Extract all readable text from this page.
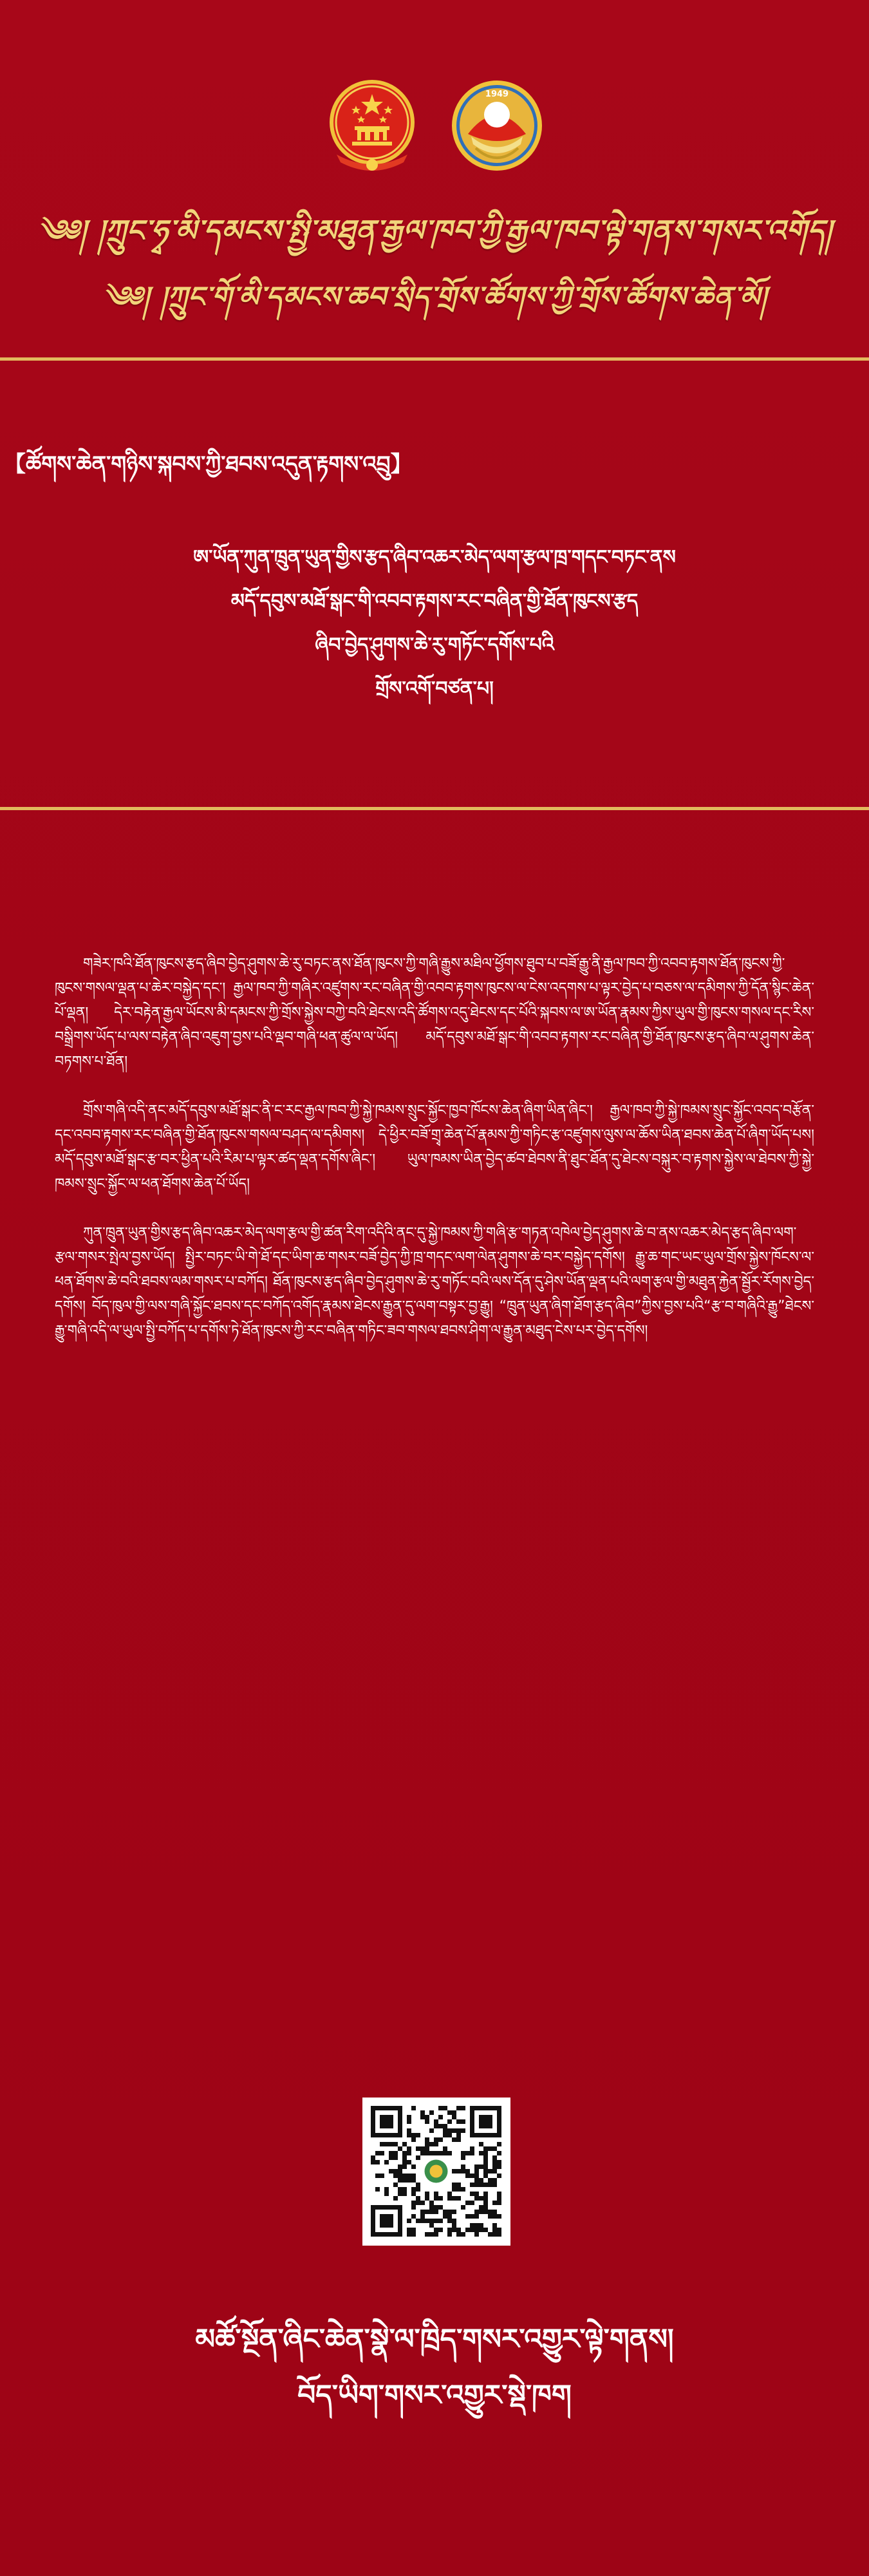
1949
༄༅། །ཀྲུང་ཧྭ་མི་དམངས་སྤྱི་མཐུན་རྒྱལ་ཁབ་ཀྱི་རྒྱལ་ཁབ་ལྟེ་གནས་གསར་འགོད།
༄༅། །ཀྲུང་གོ་མི་དམངས་ཆབ་སྲིད་གྲོས་ཚོགས་ཀྱི་གྲོས་ཚོགས་ཆེན་མོ།
【ཚོགས་ཆེན་གཉིས་སྐབས་ཀྱི་ཐབས་འདུན་རྟགས་འབྲུ】
ཨ་ཡོན་ཀུན་ཁྲུན་ཡུན་གྱིས་རྩད་ཞིབ་འཆར་མེད་ལག་རྩལ་ཁྲ་གདང་བཏང་ནས
མདོ་དབུས་མཐོ་སྒང་གི་འབབ་རྟགས་རང་བཞིན་གྱི་ཐོན་ཁུངས་རྩད
ཞིབ་བྱེད་ཤུགས་ཆེ་རུ་གཏོང་དགོས་པའི
གྲོས་འགོ་བཙན་པ།

གཟེར་ཁའི་ཐོན་ཁུངས་རྩད་ཞིབ་བྱེད་ཤུགས་ཆེ་རུ་བཏང་ནས་ཐོན་ཁུངས་ཀྱི་གཞི་རྒྱུས་མཐིལ་ཕྱོགས་ཐུབ་པ་བཟོ་རྒྱུ་ནི་རྒྱལ་ཁབ་ཀྱི་འབབ་རྟགས་ཐོན་ཁུངས་ཀྱི་ཁུངས་གསལ་ལྡན་པ་ཆེར་བསྐྱེད་དང་། རྒྱལ་ཁབ་ཀྱི་གཞིར་འཛུགས་རང་བཞིན་གྱི་འབབ་རྟགས་ཁུངས་ལ་ངེས་འདགས་པ་ལྟར་བྱེད་པ་བཅས་ལ་དམིགས་ཀྱི་དོན་སྙིང་ཆེན་པོ་ལྡན། དེར་བརྟེན་རྒྱལ་ཡོངས་མི་དམངས་ཀྱི་གྲོས་སྐྱེས་བཀྱེ་བའི་ཐེངས་འདི་ཚོགས་འདུ་ཐེངས་དང་པོའི་སྐབས་ལ་ཨ་ཡོན་རྣམས་ཀྱིས་ཡུལ་གྱི་ཁུངས་གསལ་དང་རིས་བསྒྲིགས་ཡོད་པ་ལས་བརྟེན་ཞིབ་འཇུག་བྱས་པའི་ལྡབ་གཞི་ཕན་ཚུལ་ལ་ཡོད། མདོ་དབུས་མཐོ་སྒང་གི་འབབ་རྟགས་རང་བཞིན་གྱི་ཐོན་ཁུངས་རྩད་ཞིབ་ལ་ཤུགས་ཆེན་བཏགས་པ་ཐོན།

གྲོས་གཞི་འདི་ནང་མདོ་དབུས་མཐོ་སྒང་ནི་ང་རང་རྒྱལ་ཁབ་ཀྱི་སྐྱེ་ཁམས་སྲུང་སྐྱོང་ཁྱབ་ཁོངས་ཆེན་ཞིག་ཡིན་ཞིང་། རྒྱལ་ཁབ་ཀྱི་སྐྱེ་ཁམས་སྲུང་སྐྱོང་འབད་བརྩོན་དང་འབབ་རྟགས་རང་བཞིན་གྱི་ཐོན་ཁུངས་གསལ་བཤད་ལ་དམིགས། དེ་ཕྱིར་བཟོ་གྲྭ་ཆེན་པོ་རྣམས་ཀྱི་གཏིང་རྩ་འཛུགས་ལུས་ལ་ཆོས་ཡིན་ཐབས་ཆེན་པོ་ཞིག་ཡོད་པས། མདོ་དབུས་མཐོ་སྒང་རྩ་བར་ཕྱིན་པའི་རིམ་པ་ལྟར་ཚད་ལྡན་དགོས་ཞིང་། ཡུལ་ཁམས་ཡིན་བྱེད་ཚབ་ཐེབས་ནི་ཐུང་ཐོན་དུ་ཐེངས་བསྐུར་བ་རྟགས་སྐྱེས་ལ་ཐེབས་ཀྱི་སྐྱེ་ཁམས་སྲུང་སྐྱོང་ལ་ཕན་ཐོགས་ཆེན་པོ་ཡོད།

ཀུན་ཁྲུན་ཡུན་གྱིས་རྩད་ཞིབ་འཆར་མེད་ལག་རྩལ་གྱི་ཚན་རིག་འདིའི་ནང་དུ་སྐྱེ་ཁམས་ཀྱི་གཞི་རྩ་གཏན་འཁེལ་བྱེད་ཤུགས་ཆེ་བ་ནས་འཆར་མེད་རྩད་ཞིབ་ལག་རྩལ་གསར་སྤེལ་བྱས་ཡོད། སྤྱིར་བཏང་ཡི་གེ་ཐོ་དང་ཡིག་ཆ་གསར་བཟོ་བྱེད་ཀྱི་ཁྲ་གདང་ལག་ལེན་ཤུགས་ཆེ་བར་བསྐྱེད་དགོས། རྒྱུ་ཆ་གང་ཡང་ཡུལ་གྲོས་སྐྱེས་ཁོངས་ལ་ཕན་ཐོགས་ཆེ་བའི་ཐབས་ལམ་གསར་པ་བཀོད། ཐོན་ཁུངས་རྩད་ཞིབ་བྱེད་ཤུགས་ཆེ་རུ་གཏོང་བའི་ལས་དོན་དུ་ཤེས་ཡོན་ལྡན་པའི་ལག་རྩལ་གྱི་མཐུན་རྐྱེན་སྦྱོར་རོགས་བྱེད་དགོས། བོད་ཁུལ་གྱི་ལས་གཞི་སྐྱོང་ཐབས་དང་བཀོད་འགོད་རྣམས་ཐེངས་རྒྱུན་དུ་ལག་བསྟར་བྱ་རྒྱུ། “ཁྲུན་ཡུན་ཞིག་ཐོག་རྩད་ཞིབ”ཀྱིས་བྱས་པའི“རྩ་བ་གཞིའི་རྒྱུ”ཐེངས་རྒྱུ་གཞི་འདི་ལ་ཡུལ་སྤྱི་བཀོད་པ་དགོས་ཏེ་ཐོན་ཁུངས་ཀྱི་རང་བཞིན་གཏིང་ཟབ་གསལ་ཐབས་ཤིག་ལ་རྒྱུན་མཐུད་ངེས་པར་བྱེད་དགོས།

མཚོ་སྔོན་ཞིང་ཆེན་སྣེ་ལ་ཁྲིད་གསར་འགྱུར་ལྟེ་གནས།
བོད་ཡིག་གསར་འགྱུར་སྡེ་ཁག
